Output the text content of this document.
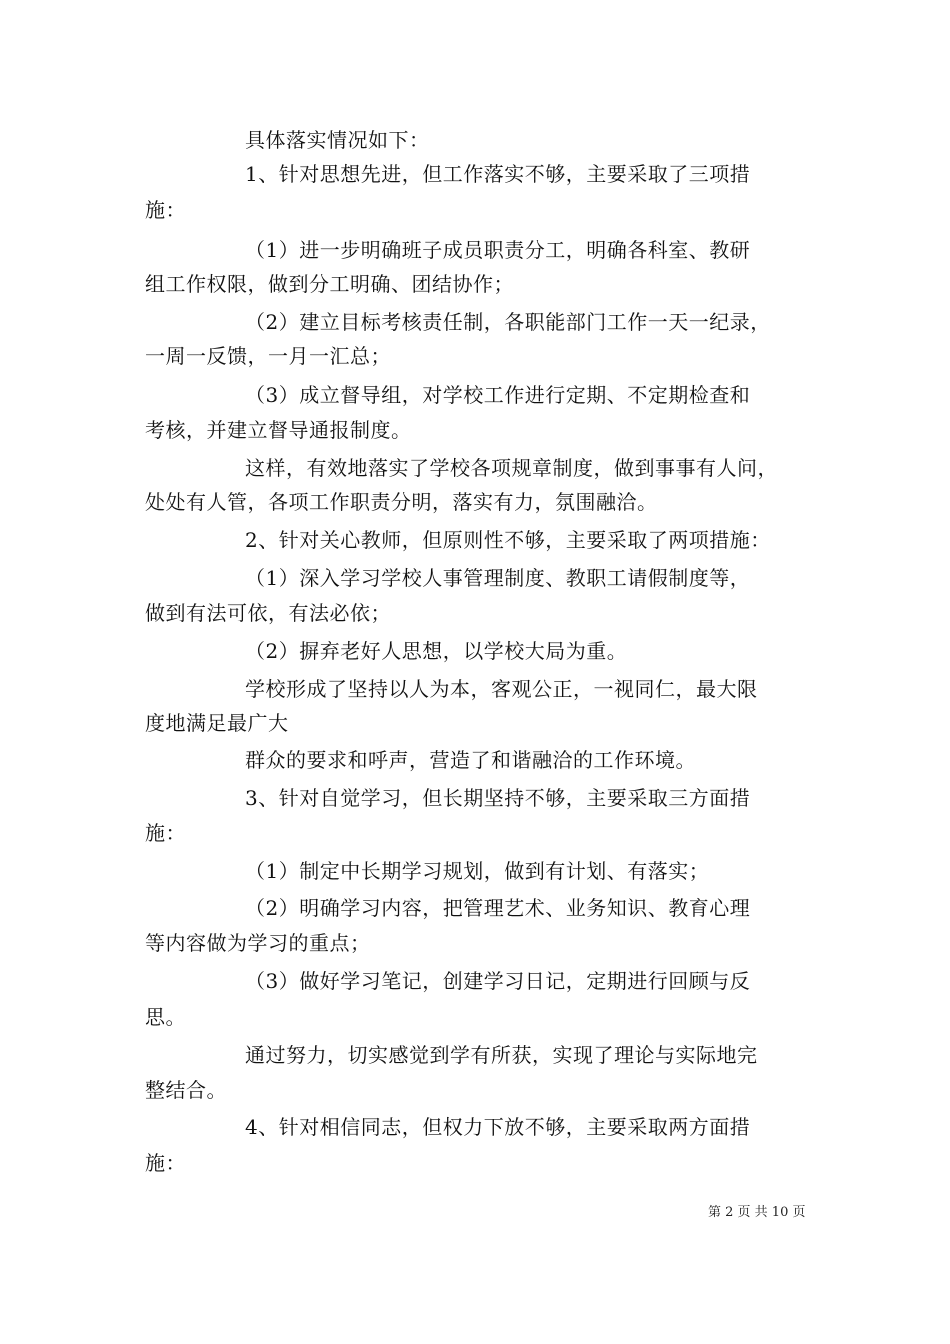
具体落实情况如下：
1、针对思想先进，但工作落实不够，主要采取了三项措
施：
（1）进一步明确班子成员职责分工，明确各科室、教研
组工作权限，做到分工明确、团结协作；
（2）建立目标考核责任制，各职能部门工作一天一纪录，
一周一反馈，一月一汇总；
（3）成立督导组，对学校工作进行定期、不定期检查和
考核，并建立督导通报制度。
这样，有效地落实了学校各项规章制度，做到事事有人问，
处处有人管，各项工作职责分明，落实有力，氛围融洽。
2、针对关心教师，但原则性不够，主要采取了两项措施：
（1）深入学习学校人事管理制度、教职工请假制度等，
做到有法可依，有法必依；
（2）摒弃老好人思想，以学校大局为重。
学校形成了坚持以人为本，客观公正，一视同仁，最大限
度地满足最广大
群众的要求和呼声，营造了和谐融洽的工作环境。
3、针对自觉学习，但长期坚持不够，主要采取三方面措
施：
（1）制定中长期学习规划，做到有计划、有落实；
（2）明确学习内容，把管理艺术、业务知识、教育心理
等内容做为学习的重点；
（3）做好学习笔记，创建学习日记，定期进行回顾与反
思。
通过努力，切实感觉到学有所获，实现了理论与实际地完
整结合。
4、针对相信同志，但权力下放不够，主要采取两方面措
施：
第 2 页 共 10 页
